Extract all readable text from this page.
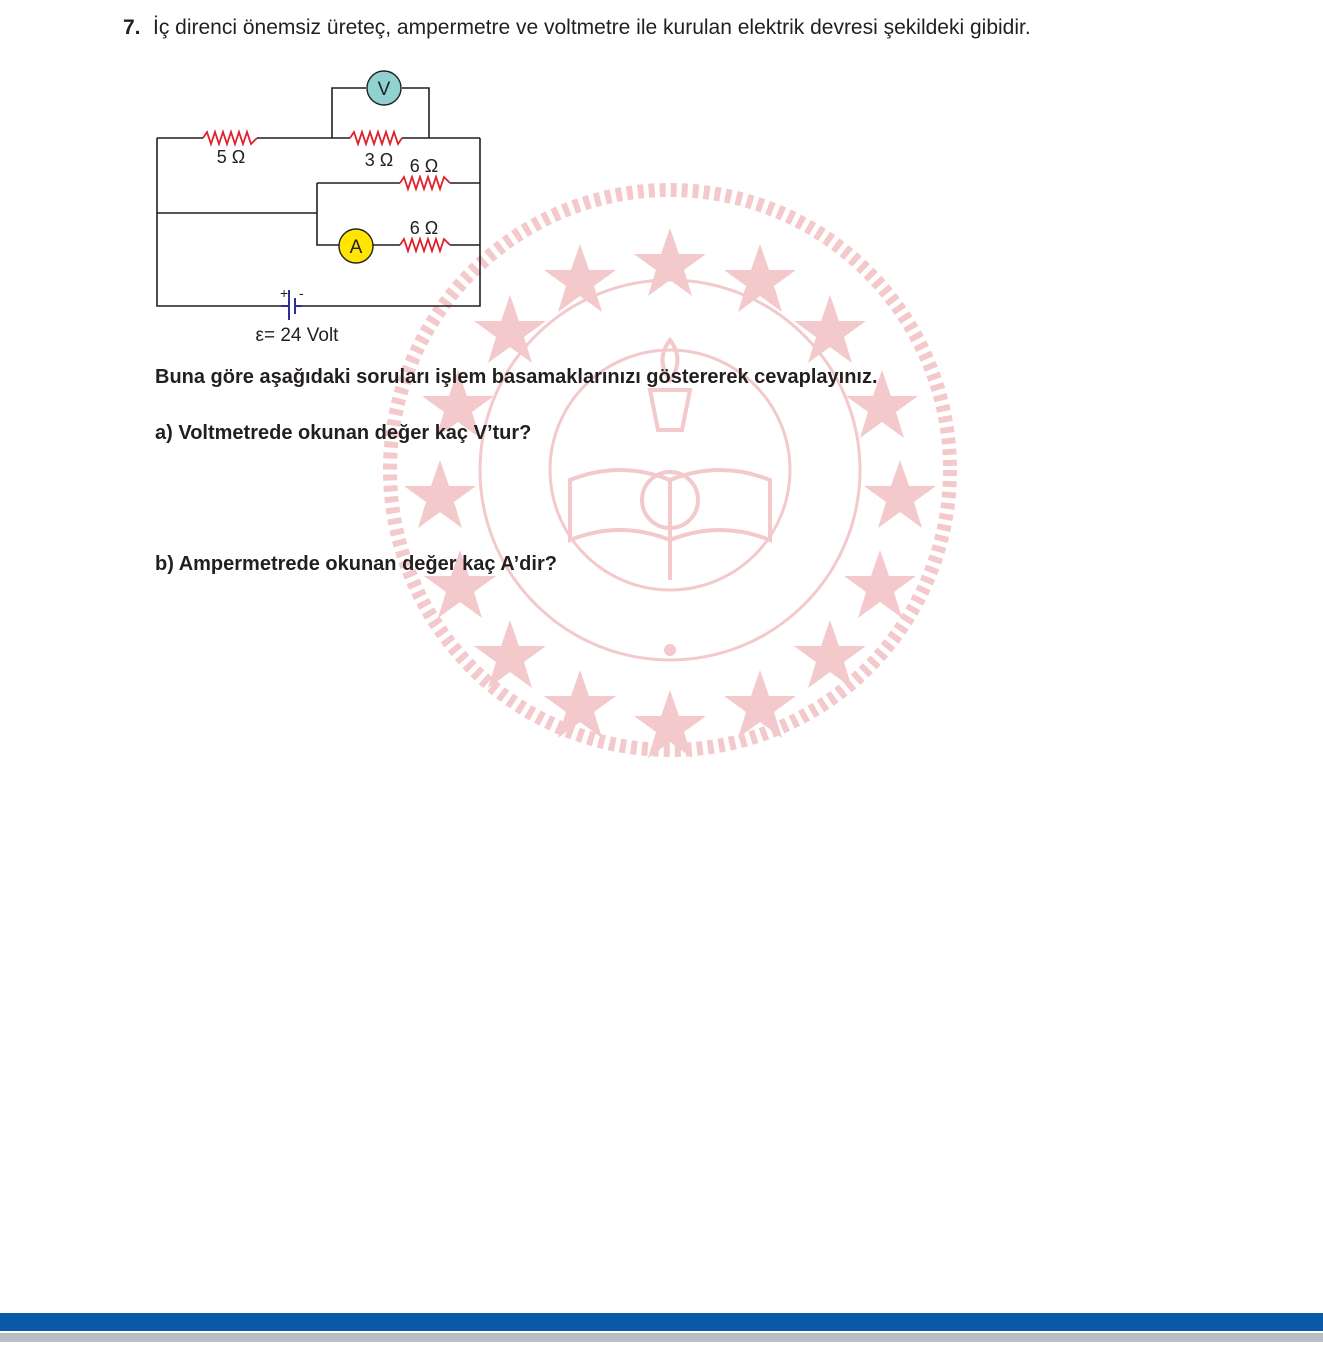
7. İç direnci önemsiz üreteç, ampermetre ve voltmetre ile kurulan elektrik devresi şekildeki gibidir.
V
A
+ -
5 Ω	3 Ω 6 Ω
6 Ω
ε= 24 Volt
Buna göre aşağıdaki soruları işlem basamaklarınızı göstererek cevaplayınız.
a) Voltmetrede okunan değer kaç V’tur?
b) Ampermetrede okunan değer kaç A’dir?
